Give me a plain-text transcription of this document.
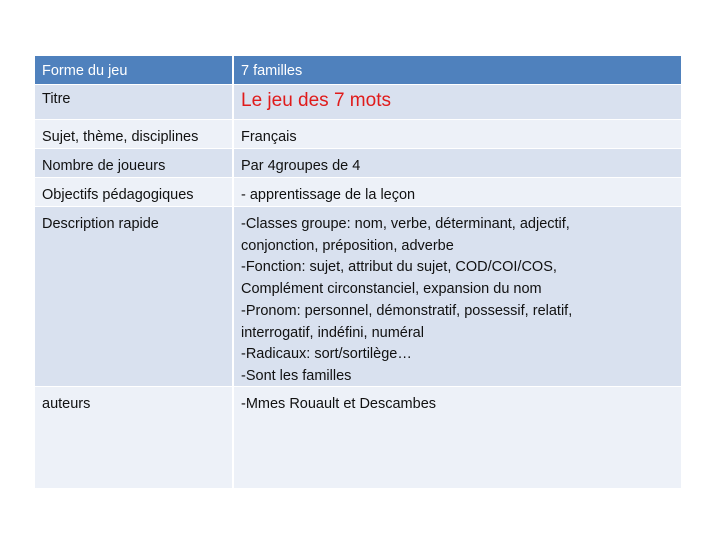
Forme du jeu	7 familles
Titre	Le jeu des 7 mots
Sujet, thème, disciplines	Français
Nombre de joueurs	Par 4groupes de 4
Objectifs pédagogiques	- apprentissage de la leçon
Description rapide	-Classes groupe: nom, verbe, déterminant, adjectif,
conjonction, préposition, adverbe
-Fonction: sujet, attribut du sujet, COD/COI/COS,
Complément circonstanciel, expansion du nom
-Pronom: personnel, démonstratif, possessif, relatif,
interrogatif, indéfini, numéral
-Radicaux: sort/sortilège…
-Sont les familles
auteurs	-Mmes Rouault et Descambes
